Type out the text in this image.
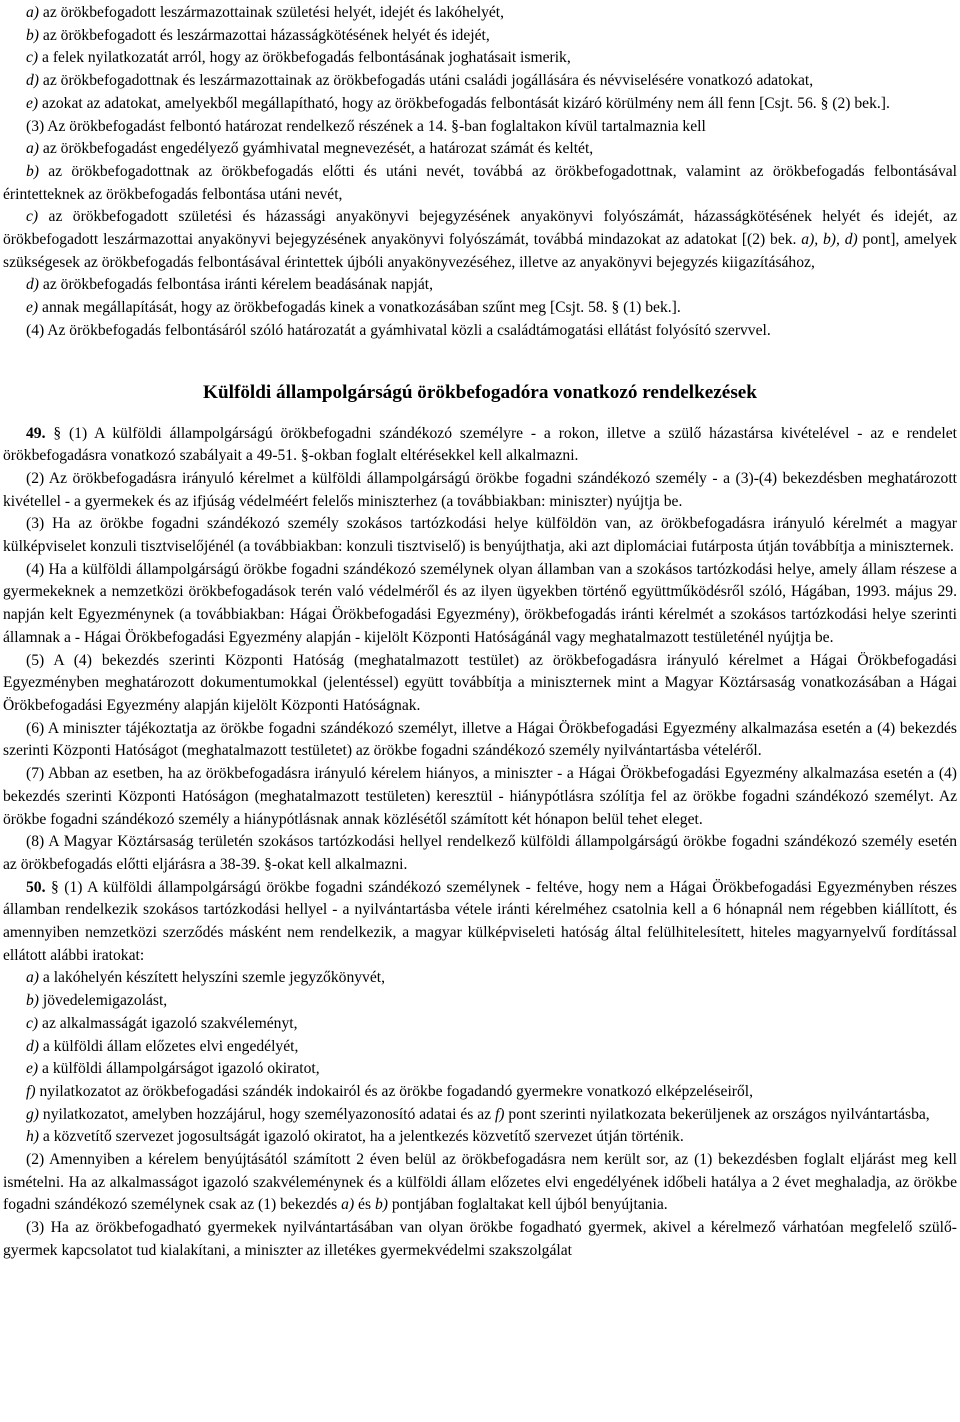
a) az örökbefogadott leszármazottainak születési helyét, idejét és lakóhelyét,

b) az örökbefogadott és leszármazottai házasságkötésének helyét és idejét,

c) a felek nyilatkozatát arról, hogy az örökbefogadás felbontásának joghatásait ismerik,

d) az örökbefogadottnak és leszármazottainak az örökbefogadás utáni családi jogállására és névviselésére vonatkozó adatokat,

e) azokat az adatokat, amelyekből megállapítható, hogy az örökbefogadás felbontását kizáró körülmény nem áll fenn [Csjt. 56. § (2) bek.].

(3) Az örökbefogadást felbontó határozat rendelkező részének a 14. §-ban foglaltakon kívül tartalmaznia kell

a) az örökbefogadást engedélyező gyámhivatal megnevezését, a határozat számát és keltét,

b) az örökbefogadottnak az örökbefogadás előtti és utáni nevét, továbbá az örökbefogadottnak, valamint az örökbefogadás felbontásával érintetteknek az örökbefogadás felbontása utáni nevét,

c) az örökbefogadott születési és házassági anyakönyvi bejegyzésének anyakönyvi folyószámát, házasságkötésének helyét és idejét, az örökbefogadott leszármazottai anyakönyvi bejegyzésének anyakönyvi folyószámát, továbbá mindazokat az adatokat [(2) bek. a), b), d) pont], amelyek szükségesek az örökbefogadás felbontásával érintettek újbóli anyakönyvezéséhez, illetve az anyakönyvi bejegyzés kiigazításához,

d) az örökbefogadás felbontása iránti kérelem beadásának napját,

e) annak megállapítását, hogy az örökbefogadás kinek a vonatkozásában szűnt meg [Csjt. 58. § (1) bek.].

(4) Az örökbefogadás felbontásáról szóló határozatát a gyámhivatal közli a családtámogatási ellátást folyósító szervvel.

Külföldi állampolgárságú örökbefogadóra vonatkozó rendelkezések

49. § (1) A külföldi állampolgárságú örökbefogadni szándékozó személyre - a rokon, illetve a szülő házastársa kivételével - az e rendelet örökbefogadásra vonatkozó szabályait a 49-51. §-okban foglalt eltérésekkel kell alkalmazni.

(2) Az örökbefogadásra irányuló kérelmet a külföldi állampolgárságú örökbe fogadni szándékozó személy - a (3)-(4) bekezdésben meghatározott kivétellel - a gyermekek és az ifjúság védelméért felelős miniszterhez (a továbbiakban: miniszter) nyújtja be.

(3) Ha az örökbe fogadni szándékozó személy szokásos tartózkodási helye külföldön van, az örökbefogadásra irányuló kérelmét a magyar külképviselet konzuli tisztviselőjénél (a továbbiakban: konzuli tisztviselő) is benyújthatja, aki azt diplomáciai futárposta útján továbbítja a miniszternek.

(4) Ha a külföldi állampolgárságú örökbe fogadni szándékozó személynek olyan államban van a szokásos tartózkodási helye, amely állam részese a gyermekeknek a nemzetközi örökbefogadások terén való védelméről és az ilyen ügyekben történő együttműködésről szóló, Hágában, 1993. május 29. napján kelt Egyezménynek (a továbbiakban: Hágai Örökbefogadási Egyezmény), örökbefogadás iránti kérelmét a szokásos tartózkodási helye szerinti államnak a - Hágai Örökbefogadási Egyezmény alapján - kijelölt Központi Hatóságánál vagy meghatalmazott testületénél nyújtja be.

(5) A (4) bekezdés szerinti Központi Hatóság (meghatalmazott testület) az örökbefogadásra irányuló kérelmet a Hágai Örökbefogadási Egyezményben meghatározott dokumentumokkal (jelentéssel) együtt továbbítja a miniszternek mint a Magyar Köztársaság vonatkozásában a Hágai Örökbefogadási Egyezmény alapján kijelölt Központi Hatóságnak.

(6) A miniszter tájékoztatja az örökbe fogadni szándékozó személyt, illetve a Hágai Örökbefogadási Egyezmény alkalmazása esetén a (4) bekezdés szerinti Központi Hatóságot (meghatalmazott testületet) az örökbe fogadni szándékozó személy nyilvántartásba vételéről.

(7) Abban az esetben, ha az örökbefogadásra irányuló kérelem hiányos, a miniszter - a Hágai Örökbefogadási Egyezmény alkalmazása esetén a (4) bekezdés szerinti Központi Hatóságon (meghatalmazott testületen) keresztül - hiánypótlásra szólítja fel az örökbe fogadni szándékozó személyt. Az örökbe fogadni szándékozó személy a hiánypótlásnak annak közlésétől számított két hónapon belül tehet eleget.

(8) A Magyar Köztársaság területén szokásos tartózkodási hellyel rendelkező külföldi állampolgárságú örökbe fogadni szándékozó személy esetén az örökbefogadás előtti eljárásra a 38-39. §-okat kell alkalmazni.

50. § (1) A külföldi állampolgárságú örökbe fogadni szándékozó személynek - feltéve, hogy nem a Hágai Örökbefogadási Egyezményben részes államban rendelkezik szokásos tartózkodási hellyel - a nyilvántartásba vétele iránti kérelméhez csatolnia kell a 6 hónapnál nem régebben kiállított, és amennyiben nemzetközi szerződés másként nem rendelkezik, a magyar külképviseleti hatóság által felülhitelesített, hiteles magyarnyelvű fordítással ellátott alábbi iratokat:

a) a lakóhelyén készített helyszíni szemle jegyzőkönyvét,

b) jövedelemigazolást,

c) az alkalmasságát igazoló szakvéleményt,

d) a külföldi állam előzetes elvi engedélyét,

e) a külföldi állampolgárságot igazoló okiratot,

f) nyilatkozatot az örökbefogadási szándék indokairól és az örökbe fogadandó gyermekre vonatkozó elképzeléseiről,

g) nyilatkozatot, amelyben hozzájárul, hogy személyazonosító adatai és az f) pont szerinti nyilatkozata bekerüljenek az országos nyilvántartásba,

h) a közvetítő szervezet jogosultságát igazoló okiratot, ha a jelentkezés közvetítő szervezet útján történik.

(2) Amennyiben a kérelem benyújtásától számított 2 éven belül az örökbefogadásra nem került sor, az (1) bekezdésben foglalt eljárást meg kell ismételni. Ha az alkalmasságot igazoló szakvéleménynek és a külföldi állam előzetes elvi engedélyének időbeli hatálya a 2 évet meghaladja, az örökbe fogadni szándékozó személynek csak az (1) bekezdés a) és b) pontjában foglaltakat kell újból benyújtania.

(3) Ha az örökbefogadható gyermekek nyilvántartásában van olyan örökbe fogadható gyermek, akivel a kérelmező várhatóan megfelelő szülő-gyermek kapcsolatot tud kialakítani, a miniszter az illetékes gyermekvédelmi szakszolgálat
